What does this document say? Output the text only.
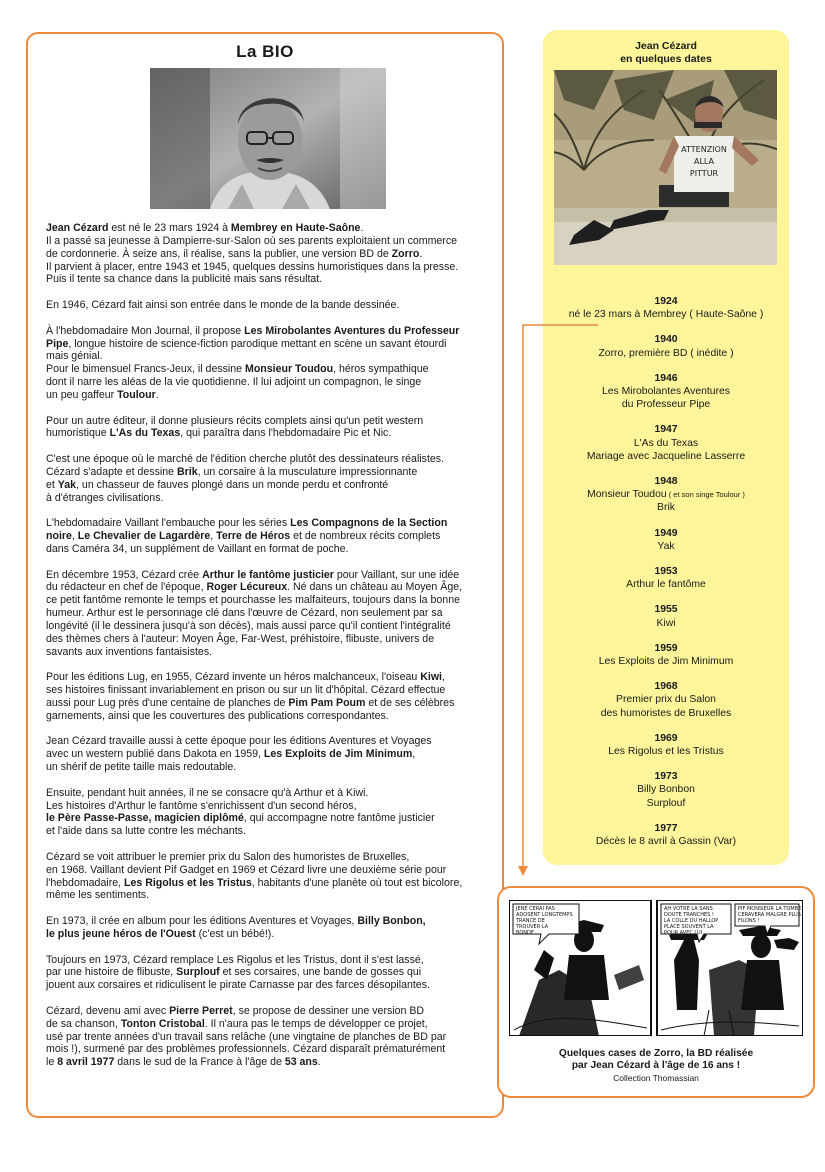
La BIO

Jean Cézard est né le 23 mars 1924 à Membrey en Haute-Saône.
Il a passé sa jeunesse à Dampierre-sur-Salon où ses parents exploitaient un commerce
de cordonnerie. À seize ans, il réalise, sans la publier, une version BD de Zorro.
Il parvient à placer, entre 1943 et 1945, quelques dessins humoristiques dans la presse.
Puis il tente sa chance dans la publicité mais sans résultat.

En 1946, Cézard fait ainsi son entrée dans le monde de la bande dessinée.

À l'hebdomadaire Mon Journal, il propose Les Mirobolantes Aventures du Professeur
Pipe, longue histoire de science-fiction parodique mettant en scène un savant étourdi
mais génial.
Pour le bimensuel Francs-Jeux, il dessine Monsieur Toudou, héros sympathique
dont il narre les aléas de la vie quotidienne. Il lui adjoint un compagnon, le singe
un peu gaffeur Toulour.

Pour un autre éditeur, il donne plusieurs récits complets ainsi qu'un petit western
humoristique L'As du Texas, qui paraîtra dans l'hebdomadaire Pic et Nic.

C'est une époque où le marché de l'édition cherche plutôt des dessinateurs réalistes.
Cézard s'adapte et dessine Brik, un corsaire à la musculature impressionnante
et Yak, un chasseur de fauves plongé dans un monde perdu et confronté
à d'étranges civilisations.

L'hebdomadaire Vaillant l'embauche pour les séries Les Compagnons de la Section
noire, Le Chevalier de Lagardère, Terre de Héros et de nombreux récits complets
dans Caméra 34, un supplément de Vaillant en format de poche.

En décembre 1953, Cézard crée Arthur le fantôme justicier pour Vaillant, sur une idée
du rédacteur en chef de l'époque, Roger Lécureux. Né dans un château au Moyen Âge,
ce petit fantôme remonte le temps et pourchasse les malfaiteurs, toujours dans la bonne
humeur. Arthur est le personnage clé dans l'œuvre de Cézard, non seulement par sa
longévité (il le dessinera jusqu'à son décès), mais aussi parce qu'il contient l'intégralité
des thèmes chers à l'auteur: Moyen Âge, Far-West, préhistoire, flibuste, univers de
savants aux inventions fantaisistes.

Pour les éditions Lug, en 1955, Cézard invente un héros malchanceux, l'oiseau Kiwi,
ses histoires finissant invariablement en prison ou sur un lit d'hôpital. Cézard effectue
aussi pour Lug près d'une centaine de planches de Pim Pam Poum et de ses célèbres
garnements, ainsi que les couvertures des publications correspondantes.

Jean Cézard travaille aussi à cette époque pour les éditions Aventures et Voyages
avec un western publié dans Dakota en 1959, Les Exploits de Jim Minimum,
un shérif de petite taille mais redoutable.

Ensuite, pendant huit années, il ne se consacre qu'à Arthur et à Kiwi.
Les histoires d'Arthur le fantôme s'enrichissent d'un second héros,
le Père Passe-Passe, magicien diplômé, qui accompagne notre fantôme justicier
et l'aide dans sa lutte contre les méchants.

Cézard se voit attribuer le premier prix du Salon des humoristes de Bruxelles,
en 1968. Vaillant devient Pif Gadget en 1969 et Cézard livre une deuxième série pour
l'hebdomadaire, Les Rigolus et les Tristus, habitants d'une planète où tout est bicolore,
même les sentiments.

En 1973, il crée en album pour les éditions Aventures et Voyages, Billy Bonbon,
le plus jeune héros de l'Ouest (c'est un bébé!).

Toujours en 1973, Cézard remplace Les Rigolus et les Tristus, dont il s'est lassé,
par une histoire de flibuste, Surplouf et ses corsaires, une bande de gosses qui
jouent aux corsaires et ridiculisent le pirate Carnasse par des farces désopilantes.

Cézard, devenu ami avec Pierre Perret, se propose de dessiner une version BD
de sa chanson, Tonton Cristobal. Il n'aura pas le temps de développer ce projet,
usé par trente années d'un travail sans relâche (une vingtaine de planches de BD par
mois !), surmené par des problèmes professionnels. Cézard disparaît prématurément
le 8 avril 1977 dans le sud de la France à l'âge de 53 ans.

Jean Cézard
en quelques dates
ATTENZION
ALLA
PITTUR
1924
né le 23 mars à Membrey ( Haute-Saône )
1940
Zorro, première BD ( inédite )
1946
Les Mirobolantes Aventures
du Professeur Pipe
1947
L'As du Texas
Mariage avec Jacqueline Lasserre
1948
Monsieur Toudou ( et son singe Toulour )
Brik
1949
Yak
1953
Arthur le fantôme
1955
Kiwi
1959
Les Exploits de Jim Minimum
1968
Premier prix du Salon
des humoristes de Bruxelles
1969
Les Rigolus et les Tristus
1973
Billy Bonbon
Surplouf
1977
Décès le 8 avril à Gassin (Var)
JENE CERAI PAS ADOSENT LONGTEMPS TRANCE DE TROUVER LA BONDE
AH VOTRE LA SANS DOUTE TRANCHES ! LA COLLE DU HALLOP PLACE SOUVENT LA POUR AVEC LUI
PIF MONSIEUR LA TOMBE CERAVERA MALGRE PLUS FILONS !
Quelques cases de Zorro, la BD réalisée
par Jean Cézard à l'âge de 16 ans !
Collection Thomassian
